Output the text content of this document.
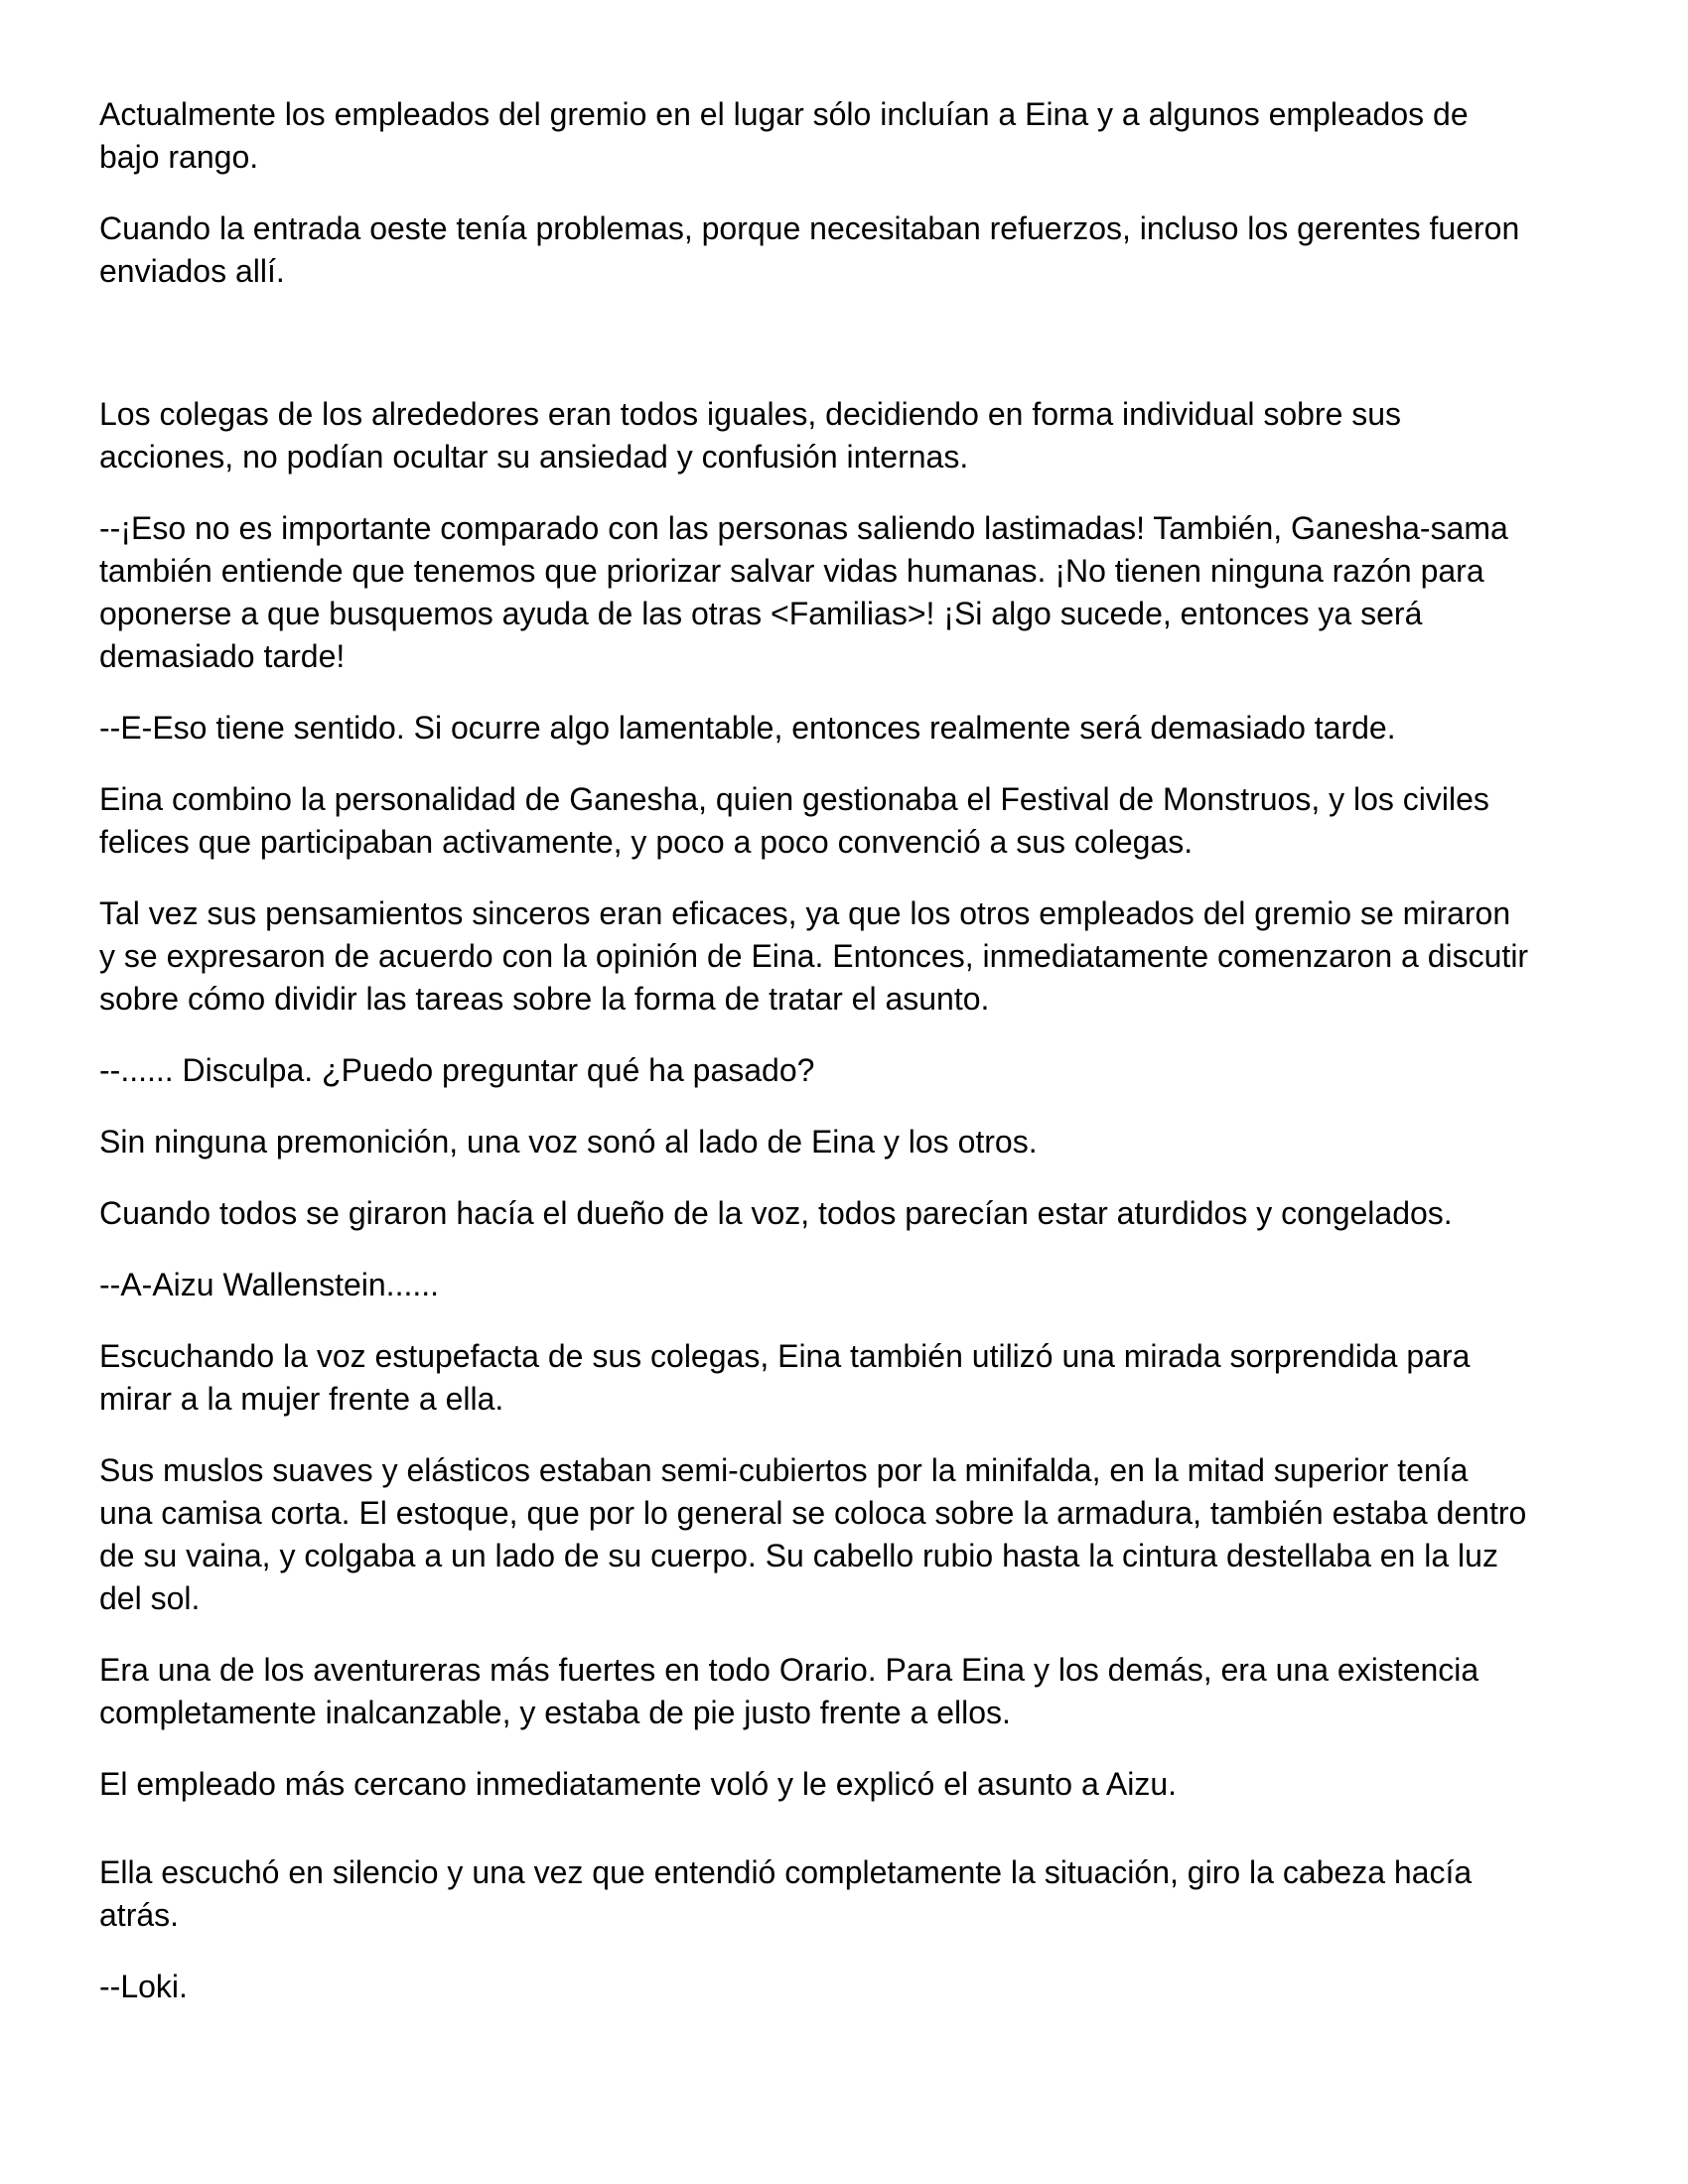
Actualmente los empleados del gremio en el lugar sólo incluían a Eina y a algunos empleados de bajo rango.

Cuando la entrada oeste tenía problemas, porque necesitaban refuerzos, incluso los gerentes fueron enviados allí.

Los colegas de los alrededores eran todos iguales, decidiendo en forma individual sobre sus acciones, no podían ocultar su ansiedad y confusión internas.

--¡Eso no es importante comparado con las personas saliendo lastimadas! También, Ganesha-sama también entiende que tenemos que priorizar salvar vidas humanas. ¡No tienen ninguna razón para oponerse a que busquemos ayuda de las otras <Familias>! ¡Si algo sucede, entonces ya será demasiado tarde!

--E-Eso tiene sentido. Si ocurre algo lamentable, entonces realmente será demasiado tarde.

Eina combino la personalidad de Ganesha, quien gestionaba el Festival de Monstruos, y los civiles felices que participaban activamente, y poco a poco convenció a sus colegas.

Tal vez sus pensamientos sinceros eran eficaces, ya que los otros empleados del gremio se miraron y se expresaron de acuerdo con la opinión de Eina. Entonces, inmediatamente comenzaron a discutir sobre cómo dividir las tareas sobre la forma de tratar el asunto.

--...... Disculpa. ¿Puedo preguntar qué ha pasado?

Sin ninguna premonición, una voz sonó al lado de Eina y los otros.

Cuando todos se giraron hacía el dueño de la voz, todos parecían estar aturdidos y congelados.

--A-Aizu Wallenstein......

Escuchando la voz estupefacta de sus colegas, Eina también utilizó una mirada sorprendida para mirar a la mujer frente a ella.

Sus muslos suaves y elásticos estaban semi-cubiertos por la minifalda, en la mitad superior tenía una camisa corta. El estoque, que por lo general se coloca sobre la armadura, también estaba dentro de su vaina, y colgaba a un lado de su cuerpo. Su cabello rubio hasta la cintura destellaba en la luz del sol.

Era una de los aventureras más fuertes en todo Orario. Para Eina y los demás, era una existencia completamente inalcanzable, y estaba de pie justo frente a ellos.

El empleado más cercano inmediatamente voló y le explicó el asunto a Aizu.

Ella escuchó en silencio y una vez que entendió completamente la situación, giro la cabeza hacía atrás.

--Loki.
